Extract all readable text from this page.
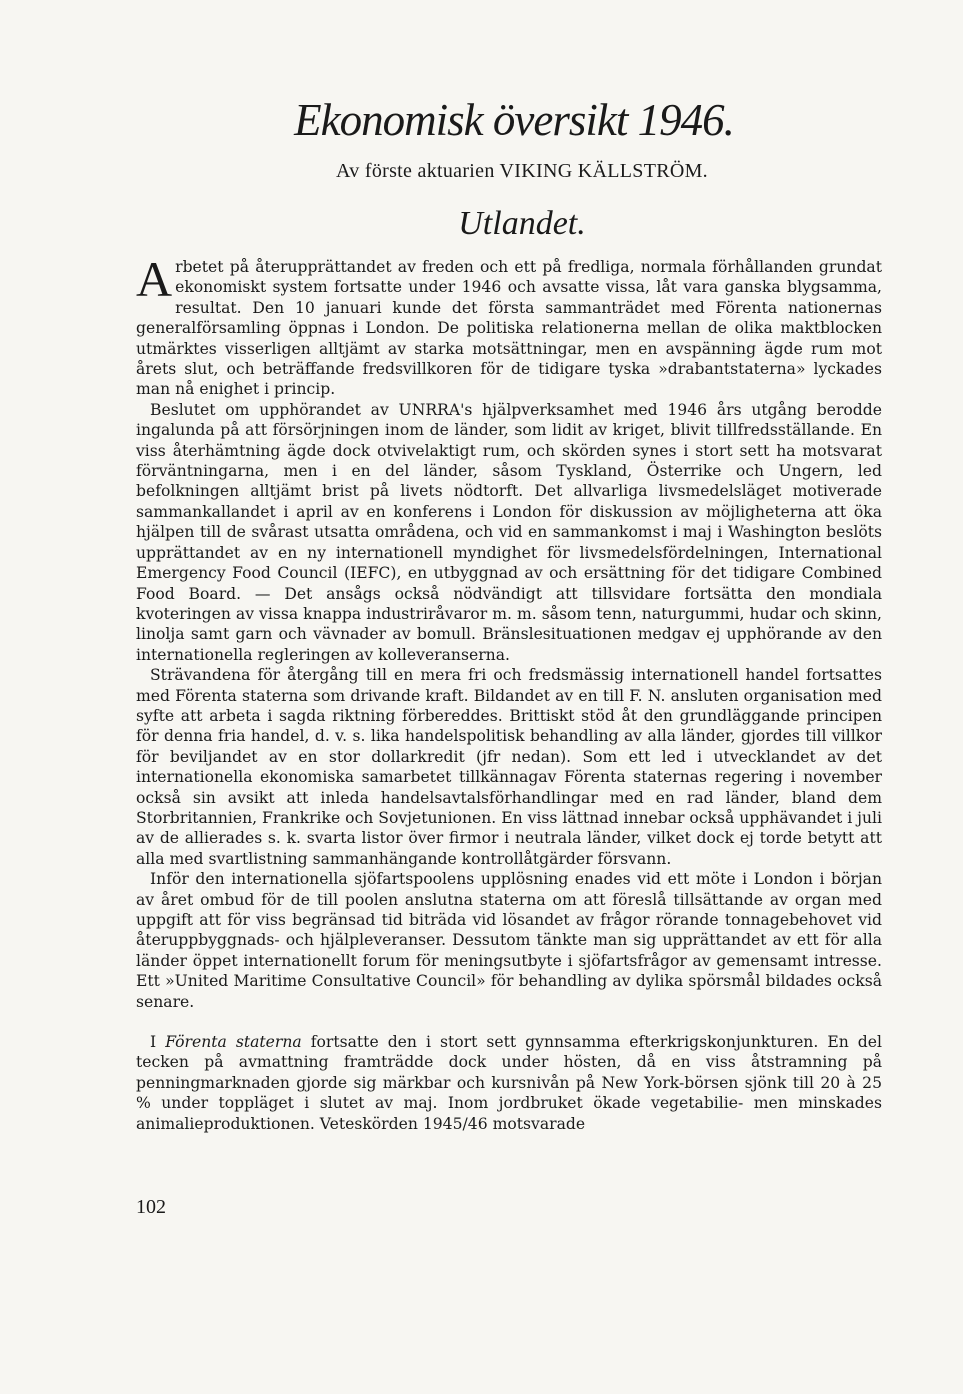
Ekonomisk översikt 1946.
Av förste aktuarien VIKING KÄLLSTRÖM.
Utlandet.

Arbetet på återupprättandet av freden och ett på fredliga, normala förhållanden grundat ekonomiskt system fortsatte under 1946 och avsatte vissa, låt vara ganska blygsamma, resultat. Den 10 januari kunde det första sammanträdet med Förenta nationernas generalförsamling öppnas i London. De politiska relationerna mellan de olika maktblocken utmärktes visserligen alltjämt av starka motsättningar, men en avspänning ägde rum mot årets slut, och beträffande fredsvillkoren för de tidigare tyska »drabantstaterna» lyckades man nå enighet i princip.

Beslutet om upphörandet av UNRRA's hjälpverksamhet med 1946 års utgång berodde ingalunda på att försörjningen inom de länder, som lidit av kriget, blivit tillfredsställande. En viss återhämtning ägde dock otvivelaktigt rum, och skörden synes i stort sett ha motsvarat förväntningarna, men i en del länder, såsom Tyskland, Österrike och Ungern, led befolkningen alltjämt brist på livets nödtorft. Det allvarliga livsmedelsläget motiverade sammankallandet i april av en konferens i London för diskussion av möjligheterna att öka hjälpen till de svårast utsatta områdena, och vid en sammankomst i maj i Washington beslöts upprättandet av en ny internationell myndighet för livsmedelsfördelningen, International Emergency Food Council (IEFC), en utbyggnad av och ersättning för det tidigare Combined Food Board. — Det ansågs också nödvändigt att tillsvidare fortsätta den mondiala kvoteringen av vissa knappa industriråvaror m. m. såsom tenn, naturgummi, hudar och skinn, linolja samt garn och vävnader av bomull. Bränslesituationen medgav ej upphörande av den internationella regleringen av kolleveranserna.

Strävandena för återgång till en mera fri och fredsmässig internationell handel fortsattes med Förenta staterna som drivande kraft. Bildandet av en till F. N. ansluten organisation med syfte att arbeta i sagda riktning förbereddes. Brittiskt stöd åt den grundläggande principen för denna fria handel, d. v. s. lika handelspolitisk behandling av alla länder, gjordes till villkor för beviljandet av en stor dollarkredit (jfr nedan). Som ett led i utvecklandet av det internationella ekonomiska samarbetet tillkännagav Förenta staternas regering i november också sin avsikt att inleda handelsavtalsförhandlingar med en rad länder, bland dem Storbritannien, Frankrike och Sovjetunionen. En viss lättnad innebar också upphävandet i juli av de allierades s. k. svarta listor över firmor i neutrala länder, vilket dock ej torde betytt att alla med svartlistning sammanhängande kontrollåtgärder försvann.

Inför den internationella sjöfartspoolens upplösning enades vid ett möte i London i början av året ombud för de till poolen anslutna staterna om att föreslå tillsättande av organ med uppgift att för viss begränsad tid biträda vid lösandet av frågor rörande tonnagebehovet vid återuppbyggnads- och hjälpleveranser. Dessutom tänkte man sig upprättandet av ett för alla länder öppet internationellt forum för meningsutbyte i sjöfartsfrågor av gemensamt intresse. Ett »United Maritime Consultative Council» för behandling av dylika spörsmål bildades också senare.

I Förenta staterna fortsatte den i stort sett gynnsamma efterkrigskonjunkturen. En del tecken på avmattning framträdde dock under hösten, då en viss åtstramning på penningmarknaden gjorde sig märkbar och kursnivån på New York-börsen sjönk till 20 à 25 % under toppläget i slutet av maj. Inom jordbruket ökade vegetabilie- men minskades animalieproduktionen. Veteskörden 1945/46 motsvarade

102
